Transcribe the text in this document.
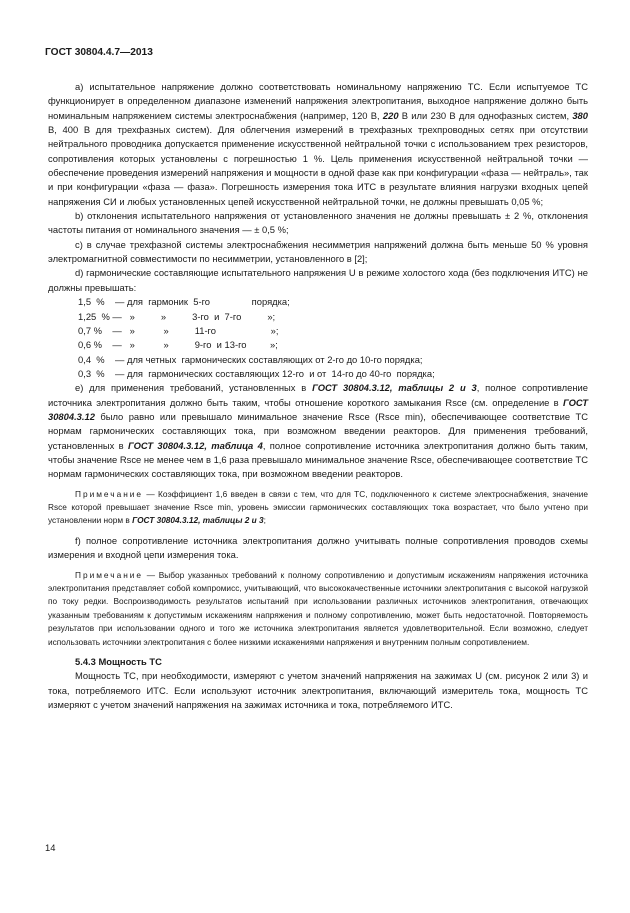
ГОСТ 30804.4.7—2013

а) испытательное напряжение должно соответствовать номинальному напряжению ТС. Если испытуемое ТС функционирует в определенном диапазоне изменений напряжения электропитания, выходное напряжение должно быть номинальным напряжением системы электроснабжения (например, 120 В, 220 В или 230 В для однофазных систем, 380 В, 400 В для трехфазных систем). Для облегчения измерений в трехфазных трехпроводных сетях при отсутствии нейтрального проводника допускается применение искусственной нейтральной точки с использованием трех резисторов, сопротивления которых установлены с погрешностью 1 %. Цель применения искусственной нейтральной точки — обеспечение проведения измерений напряжения и мощности в одной фазе как при конфигурации «фаза — нейтраль», так и при конфигурации «фаза — фаза». Погрешность измерения тока ИТС в результате влияния нагрузки входных цепей напряжения СИ и любых установленных цепей искусственной нейтральной точки, не должны превышать 0,05 %;

b) отклонения испытательного напряжения от установленного значения не должны превышать ± 2 %, отклонения частоты питания от номинального значения — ± 0,5 %;

c) в случае трехфазной системы электроснабжения несимметрия напряжений должна быть меньше 50 % уровня электромагнитной совместимости по несимметрии, установленного в [2];

d) гармонические составляющие испытательного напряжения U в режиме холостого хода (без подключения ИТС) не должны превышать:

1,5  %    — для  гармоник  5-го                порядка;
1,25  % —   »          »          3-го  и  7-го          »;
0,7 %    —   »           »          11-го                     »;
0,6 %    —   »           »          9-го  и 13-го         »;
0,4  %    — для четных  гармонических составляющих от 2-го до 10-го порядка;
0,3  %    — для  гармонических составляющих 12-го  и от  14-го до 40-го  порядка;

е) для применения требований, установленных в ГОСТ 30804.3.12, таблицы 2 и 3, полное сопротивление источника электропитания должно быть таким, чтобы отношение короткого замыкания Rsce (см. определение в ГОСТ 30804.3.12 было равно или превышало минимальное значение Rsce (Rsce min), обеспечивающее соответствие ТС нормам гармонических составляющих тока, при возможном введении реакторов. Для применения требований, установленных в ГОСТ 30804.3.12, таблица 4, полное сопротивление источника электропитания должно быть таким, чтобы значение Rsce не менее чем в 1,6 раза превышало минимальное значение Rsce, обеспечивающее соответствие ТС нормам гармонических составляющих тока, при возможном введении реакторов.

Примечание — Коэффициент 1,6 введен в связи с тем, что для ТС, подключенного к системе электроснабжения, значение Rsce которой превышает значение Rsce min, уровень эмиссии гармонических составляющих тока возрастает, что было учтено при установлении норм в ГОСТ 30804.3.12, таблицы 2 и 3;

f) полное сопротивление источника электропитания должно учитывать полные сопротивления проводов схемы измерения и входной цепи измерения тока.

Примечание — Выбор указанных требований к полному сопротивлению и допустимым искажениям напряжения источника электропитания представляет собой компромисс, учитывающий, что высококачественные источники электропитания с высокой нагрузкой по току редки. Воспроизводимость результатов испытаний при использовании различных источников электропитания, отвечающих указанным требованиям к допустимым искажениям напряжения и полному сопротивлению, может быть недостаточной. Повторяемость результатов при использовании одного и того же источника электропитания является удовлетворительной. Если возможно, следует использовать источники электропитания с более низкими искажениями напряжения и внутренним полным сопротивлением.

5.4.3 Мощность ТС

Мощность ТС, при необходимости, измеряют с учетом значений напряжения на зажимах U (см. рисунок 2 или 3) и тока, потребляемого ИТС. Если используют источник электропитания, включающий измеритель тока, мощность ТС измеряют с учетом значений напряжения на зажимах источника и тока, потребляемого ИТС.

14
